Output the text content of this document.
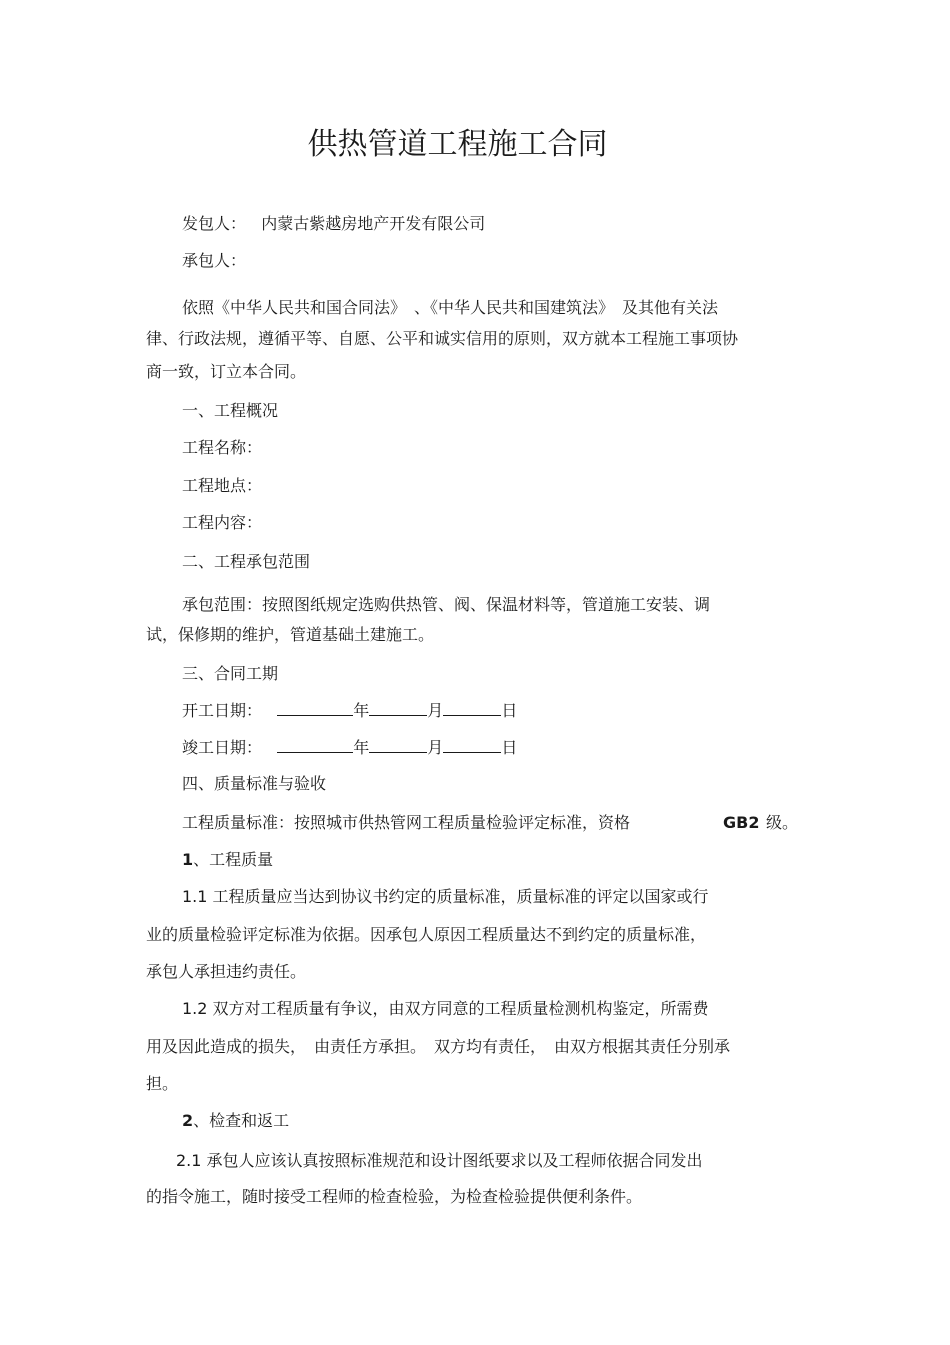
供热管道工程施工合同
发包人： 内蒙古紫越房地产开发有限公司
承包人：
依照《中华人民共和国合同法》　、《中华人民共和国建筑法》　及其他有关法
律、行政法规，遵循平等、自愿、公平和诚实信用的原则，双方就本工程施工事项协
商一致，订立本合同。
一、工程概况
工程名称：
工程地点：
工程内容：
二、工程承包范围
承包范围：按照图纸规定选购供热管、阀、保温材料等，管道施工安装、调
试，保修期的维护，管道基础土建施工。
三、合同工期
开工日期：	年	月	日
竣工日期：	年	月	日
四、质量标准与验收
工程质量标准：按照城市供热管网工程质量检验评定标准，资格	GB2 级。
1、工程质量
1.1 工程质量应当达到协议书约定的质量标准，质量标准的评定以国家或行
业的质量检验评定标准为依据。因承包人原因工程质量达不到约定的质量标准，
承包人承担违约责任。
1.2 双方对工程质量有争议，由双方同意的工程质量检测机构鉴定，所需费
用及因此造成的损失，　由责任方承担。　双方均有责任，　由双方根据其责任分别承
担。
2、检查和返工
2.1 承包人应该认真按照标准规范和设计图纸要求以及工程师依据合同发出
的指令施工，随时接受工程师的检查检验，为检查检验提供便利条件。
